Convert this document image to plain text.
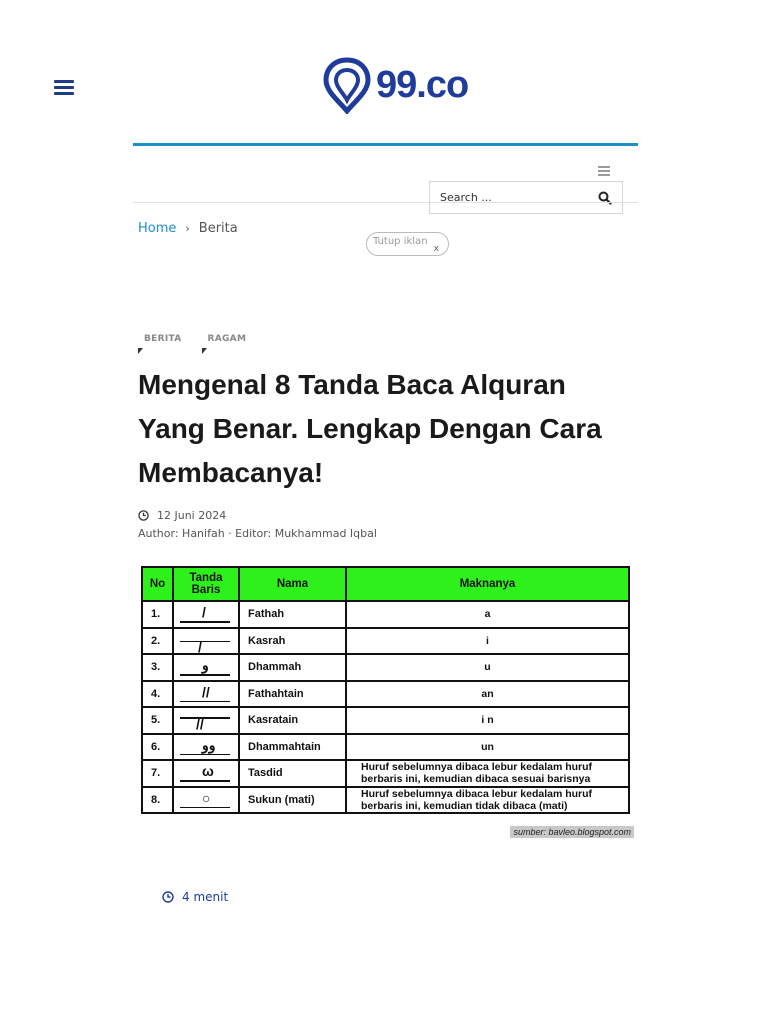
99.co
Search ...
Home › Berita
Tutup iklan
x
BERITA	RAGAM
Mengenal 8 Tanda Baca Alquran Yang Benar. Lengkap Dengan Cara Membacanya!
12 Juni 2024
Author: Hanifah · Editor: Mukhammad Iqbal
No	Tanda Baris	Nama	Maknanya
1.	/	Fathah	a
2.	/	Kasrah	i
3.	و	Dhammah	u
4.	//	Fathahtain	an
5.	//	Kasratain	i n
6.	وو	Dhammahtain	un
7.	ω	Tasdid	Huruf sebelumnya dibaca lebur kedalam huruf berbaris ini, kemudian dibaca sesuai barisnya
8.	○	Sukun (mati)	Huruf sebelumnya dibaca lebur kedalam huruf berbaris ini, kemudian tidak dibaca (mati)
sumber: bavleo.blogspot.com
4 menit
